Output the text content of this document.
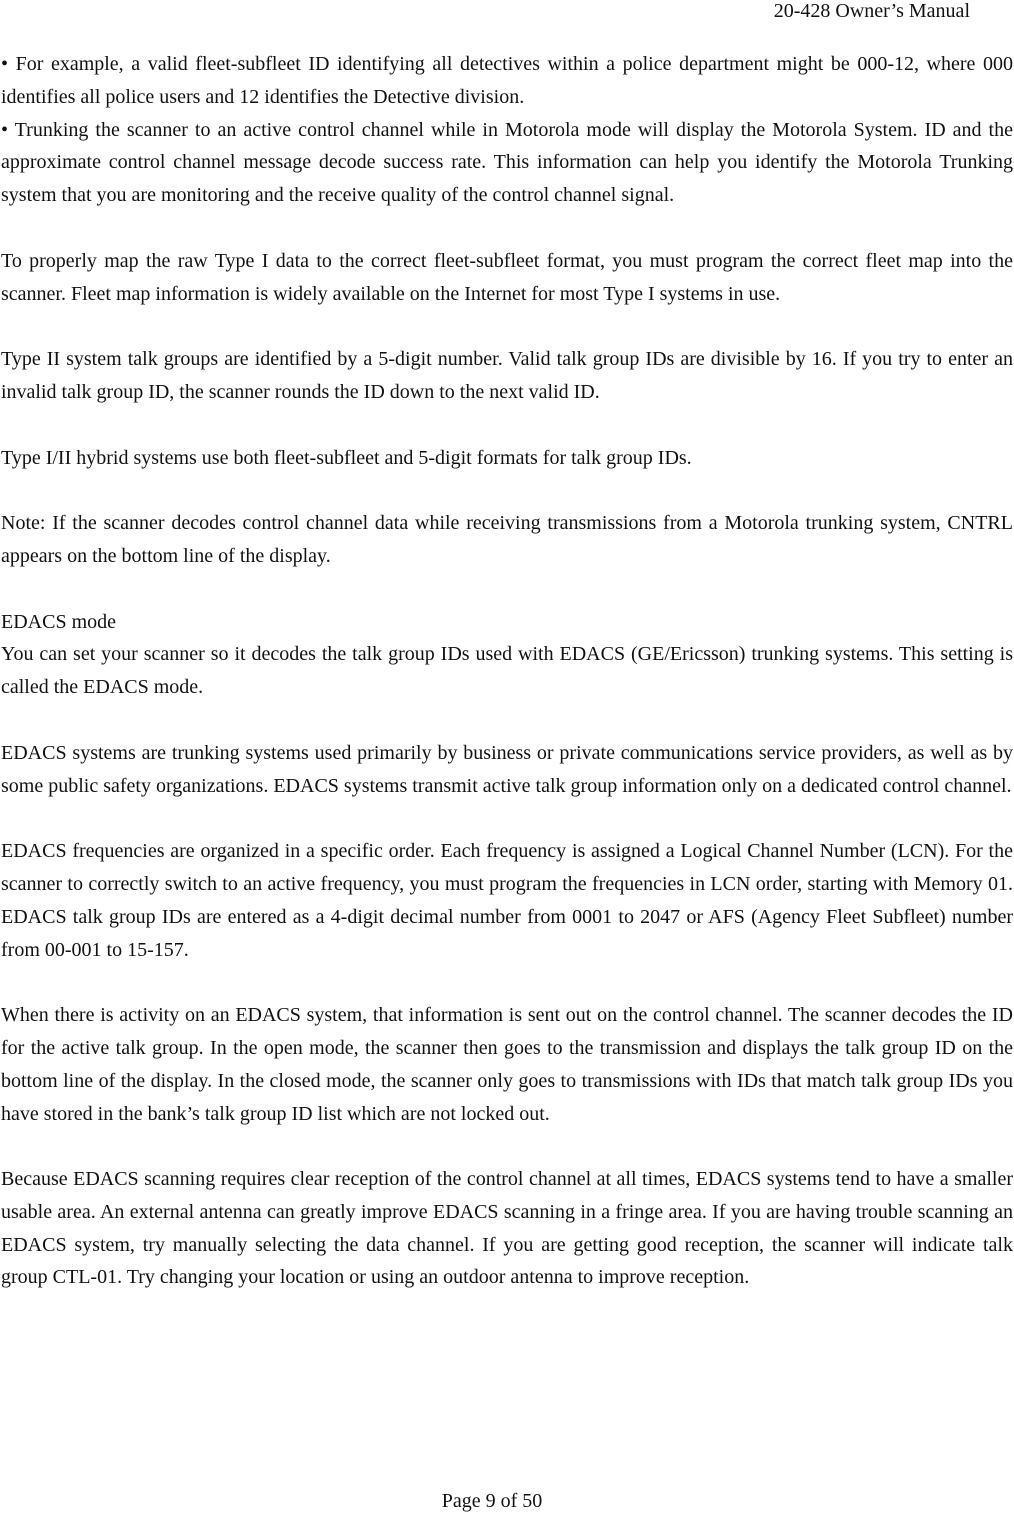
20-428 Owner’s Manual

• For example, a valid fleet-subfleet ID identifying all detectives within a police department might be 000-12, where 000 identifies all police users and 12 identifies the Detective division.

• Trunking the scanner to an active control channel while in Motorola mode will display the Motorola System. ID and the approximate control channel message decode success rate. This information can help you identify the Motorola Trunking system that you are monitoring and the receive quality of the control channel signal.

To properly map the raw Type I data to the correct fleet-subfleet format, you must program the correct fleet map into the scanner. Fleet map information is widely available on the Internet for most Type I systems in use.

Type II system talk groups are identified by a 5-digit number. Valid talk group IDs are divisible by 16. If you try to enter an invalid talk group ID, the scanner rounds the ID down to the next valid ID.

Type I/II hybrid systems use both fleet-subfleet and 5-digit formats for talk group IDs.

Note: If the scanner decodes control channel data while receiving transmissions from a Motorola trunking system, CNTRL appears on the bottom line of the display.

EDACS mode

You can set your scanner so it decodes the talk group IDs used with EDACS (GE/Ericsson) trunking systems. This setting is called the EDACS mode.

EDACS systems are trunking systems used primarily by business or private communications service providers, as well as by some public safety organizations. EDACS systems transmit active talk group information only on a dedicated control channel.

EDACS frequencies are organized in a specific order. Each frequency is assigned a Logical Channel Number (LCN). For the scanner to correctly switch to an active frequency, you must program the frequencies in LCN order, starting with Memory 01. EDACS talk group IDs are entered as a 4-digit decimal number from 0001 to 2047 or AFS (Agency Fleet Subfleet) number from 00-001 to 15-157.

When there is activity on an EDACS system, that information is sent out on the control channel. The scanner decodes the ID for the active talk group. In the open mode, the scanner then goes to the transmission and displays the talk group ID on the bottom line of the display. In the closed mode, the scanner only goes to transmissions with IDs that match talk group IDs you have stored in the bank’s talk group ID list which are not locked out.

Because EDACS scanning requires clear reception of the control channel at all times, EDACS systems tend to have a smaller usable area. An external antenna can greatly improve EDACS scanning in a fringe area. If you are having trouble scanning an EDACS system, try manually selecting the data channel. If you are getting good reception, the scanner will indicate talk group CTL-01. Try changing your location or using an outdoor antenna to improve reception.

Page 9 of 50
